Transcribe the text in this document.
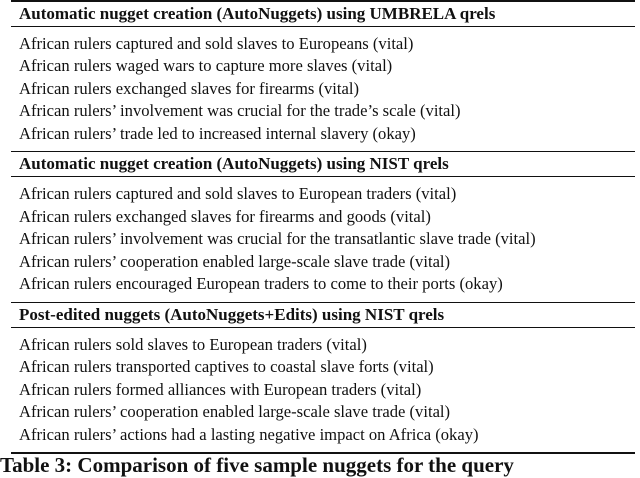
Automatic nugget creation (AutoNuggets) using UMBRELA qrels
African rulers captured and sold slaves to Europeans (vital)
African rulers waged wars to capture more slaves (vital)
African rulers exchanged slaves for firearms (vital)
African rulers’ involvement was crucial for the trade’s scale (vital)
African rulers’ trade led to increased internal slavery (okay)
Automatic nugget creation (AutoNuggets) using NIST qrels
African rulers captured and sold slaves to European traders (vital)
African rulers exchanged slaves for firearms and goods (vital)
African rulers’ involvement was crucial for the transatlantic slave trade (vital)
African rulers’ cooperation enabled large-scale slave trade (vital)
African rulers encouraged European traders to come to their ports (okay)
Post-edited nuggets (AutoNuggets+Edits) using NIST qrels
African rulers sold slaves to European traders (vital)
African rulers transported captives to coastal slave forts (vital)
African rulers formed alliances with European traders (vital)
African rulers’ cooperation enabled large-scale slave trade (vital)
African rulers’ actions had a lasting negative impact on Africa (okay)
Table 3: Comparison of five sample nuggets for the query
